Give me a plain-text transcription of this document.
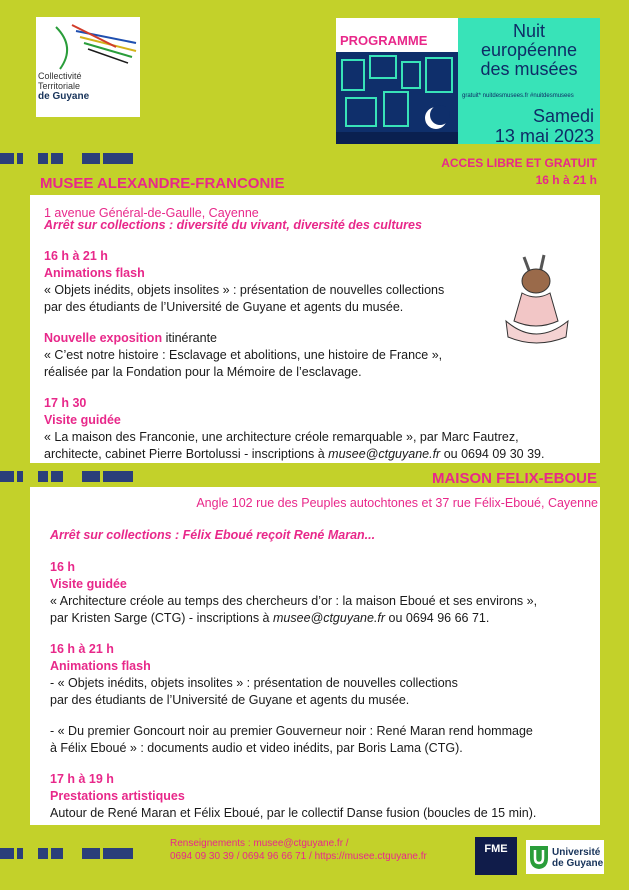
Collectivité
Territoriale
de Guyane
PROGRAMME	Nuit
européenne
des musées
gratuit* nuitdesmusees.fr #nuitdesmusees
Samedi
13 mai 2023
ACCES LIBRE ET GRATUIT
16 h à 21 h
MUSEE ALEXANDRE-FRANCONIE
1 avenue Général-de-Gaulle, Cayenne
Arrêt sur collections : diversité du vivant, diversité des cultures
16 h à 21 h
Animations flash
« Objets inédits, objets insolites » : présentation de nouvelles collections
par des étudiants de l’Université de Guyane et agents du musée.
Nouvelle exposition itinérante
« C’est notre histoire : Esclavage et abolitions, une histoire de France »,
réalisée par la Fondation pour la Mémoire de l’esclavage.
17 h 30
Visite guidée
« La maison des Franconie, une architecture créole remarquable », par Marc Fautrez,
architecte, cabinet Pierre Bortolussi - inscriptions à musee@ctguyane.fr ou 0694 09 30 39.
MAISON FELIX-EBOUE
Angle 102 rue des Peuples autochtones et 37 rue Félix-Eboué, Cayenne
Arrêt sur collections : Félix Eboué reçoit René Maran...
16 h
Visite guidée
« Architecture créole au temps des chercheurs d’or : la maison Eboué et ses environs »,
par Kristen Sarge (CTG) - inscriptions à musee@ctguyane.fr ou 0694 96 66 71.
16 h à 21 h
Animations flash
- « Objets inédits, objets insolites » : présentation de nouvelles collections
par des étudiants de l’Université de Guyane et agents du musée.
- « Du premier Goncourt noir au premier Gouverneur noir : René Maran rend hommage
à Félix Eboué » : documents audio et video inédits, par Boris Lama (CTG).
17 h à 19 h
Prestations artistiques
Autour de René Maran et Félix Eboué, par le collectif Danse fusion (boucles de 15 min).
Renseignements : musee@ctguyane.fr /
0694 09 30 39 / 0694 96 66 71 / https://musee.ctguyane.fr
FME	Université
de Guyane
